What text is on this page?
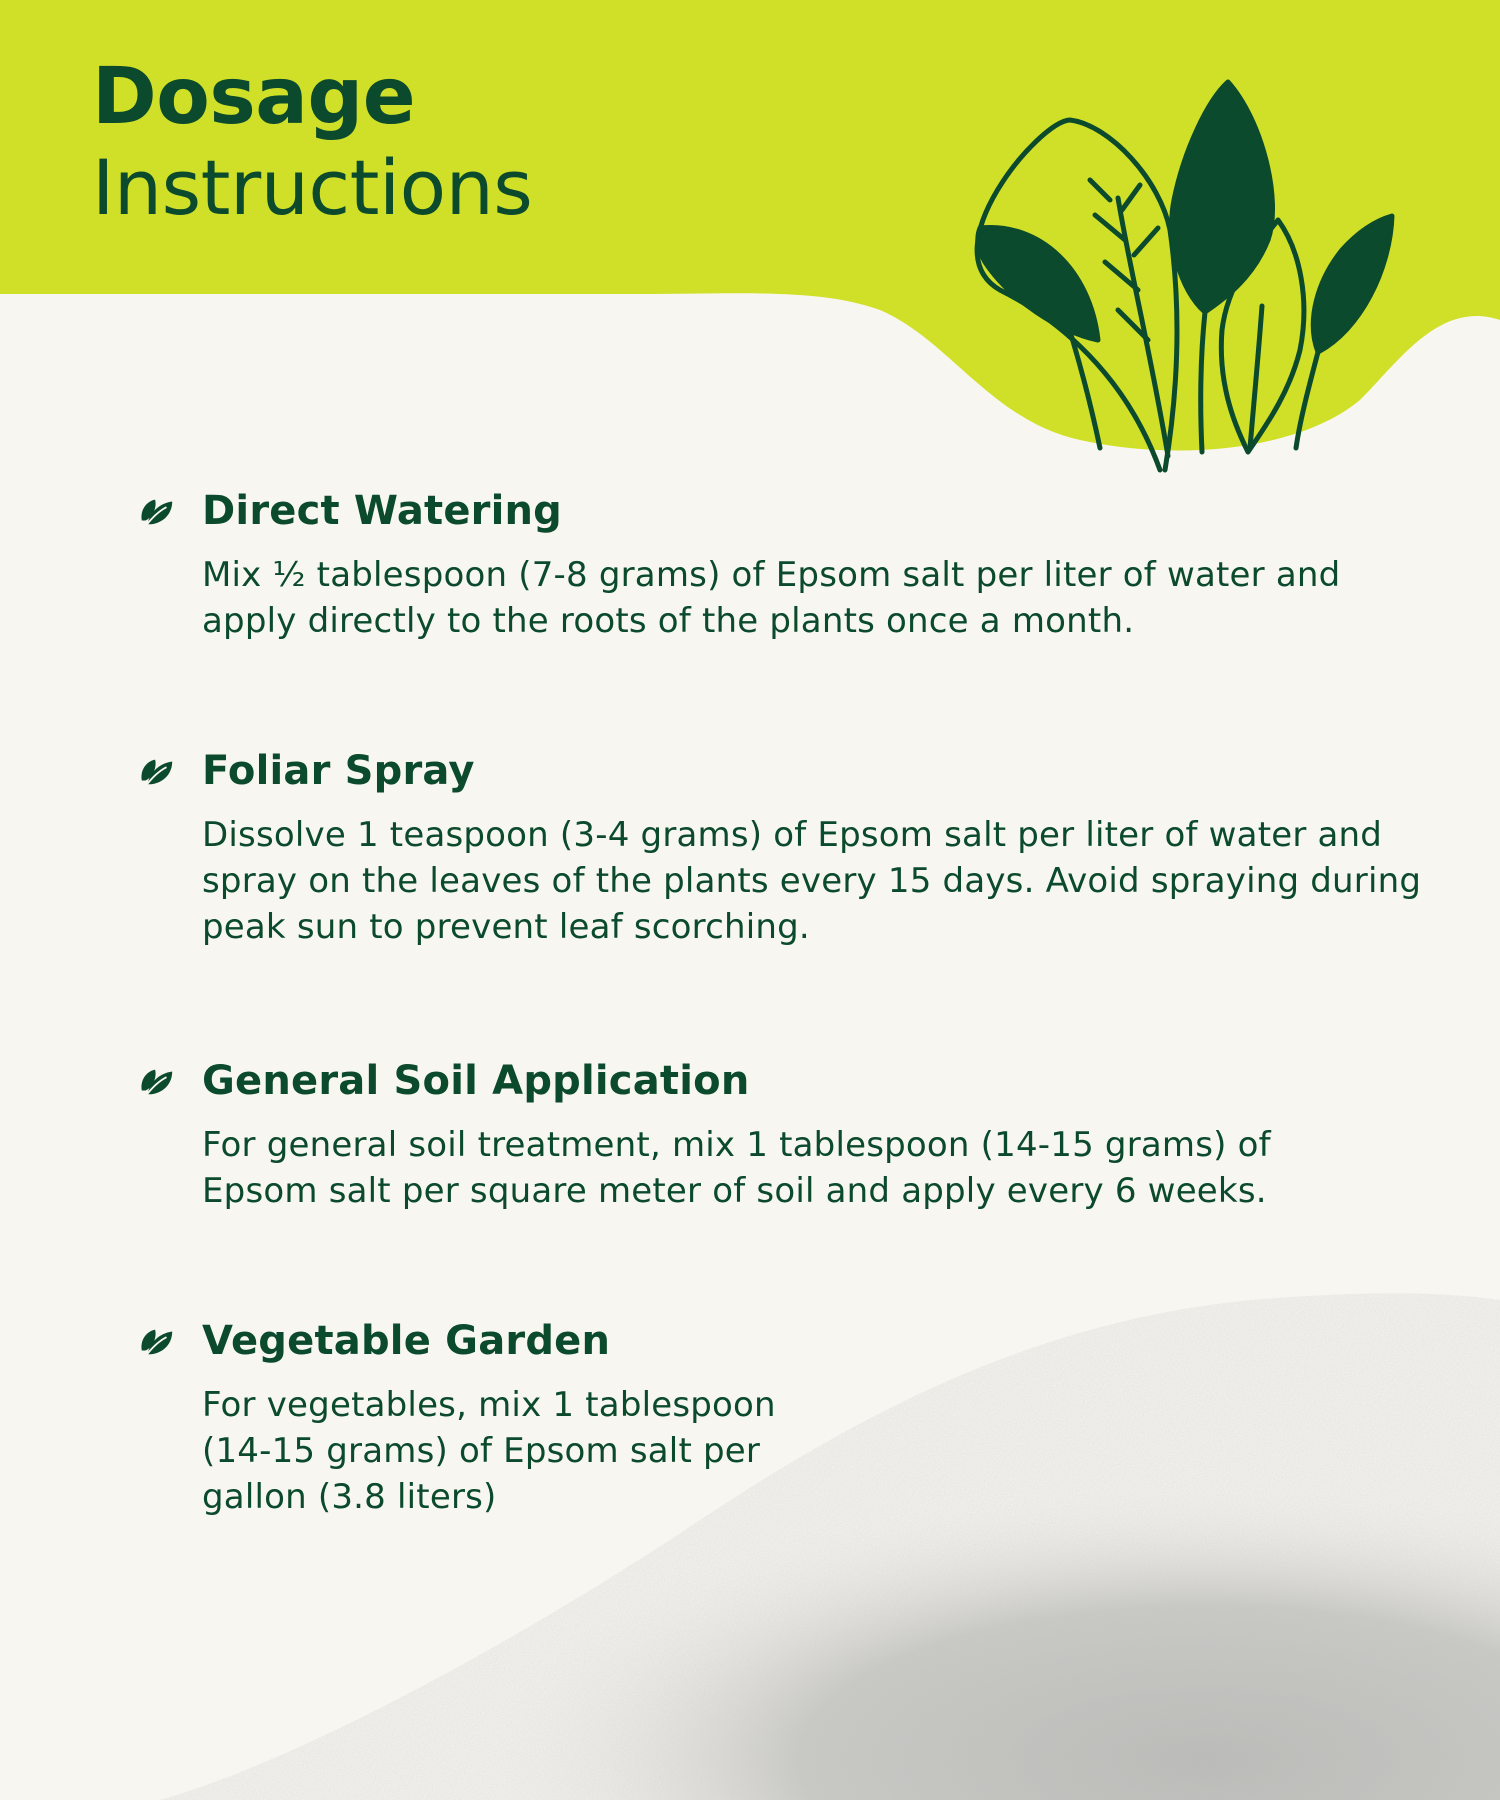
Dosage
Instructions
Direct Watering

Mix ½ tablespoon (7-8 grams) of Epsom salt per liter of water and apply directly to the roots of the plants once a month.

Foliar Spray

Dissolve 1 teaspoon (3-4 grams) of Epsom salt per liter of water and spray on the leaves of the plants every 15 days. Avoid spraying during peak sun to prevent leaf scorching.

General Soil Application

For general soil treatment, mix 1 tablespoon (14-15 grams) of Epsom salt per square meter of soil and apply every 6 weeks.

Vegetable Garden

For vegetables, mix 1 tablespoon (14-15 grams) of Epsom salt per gallon (3.8 liters)
